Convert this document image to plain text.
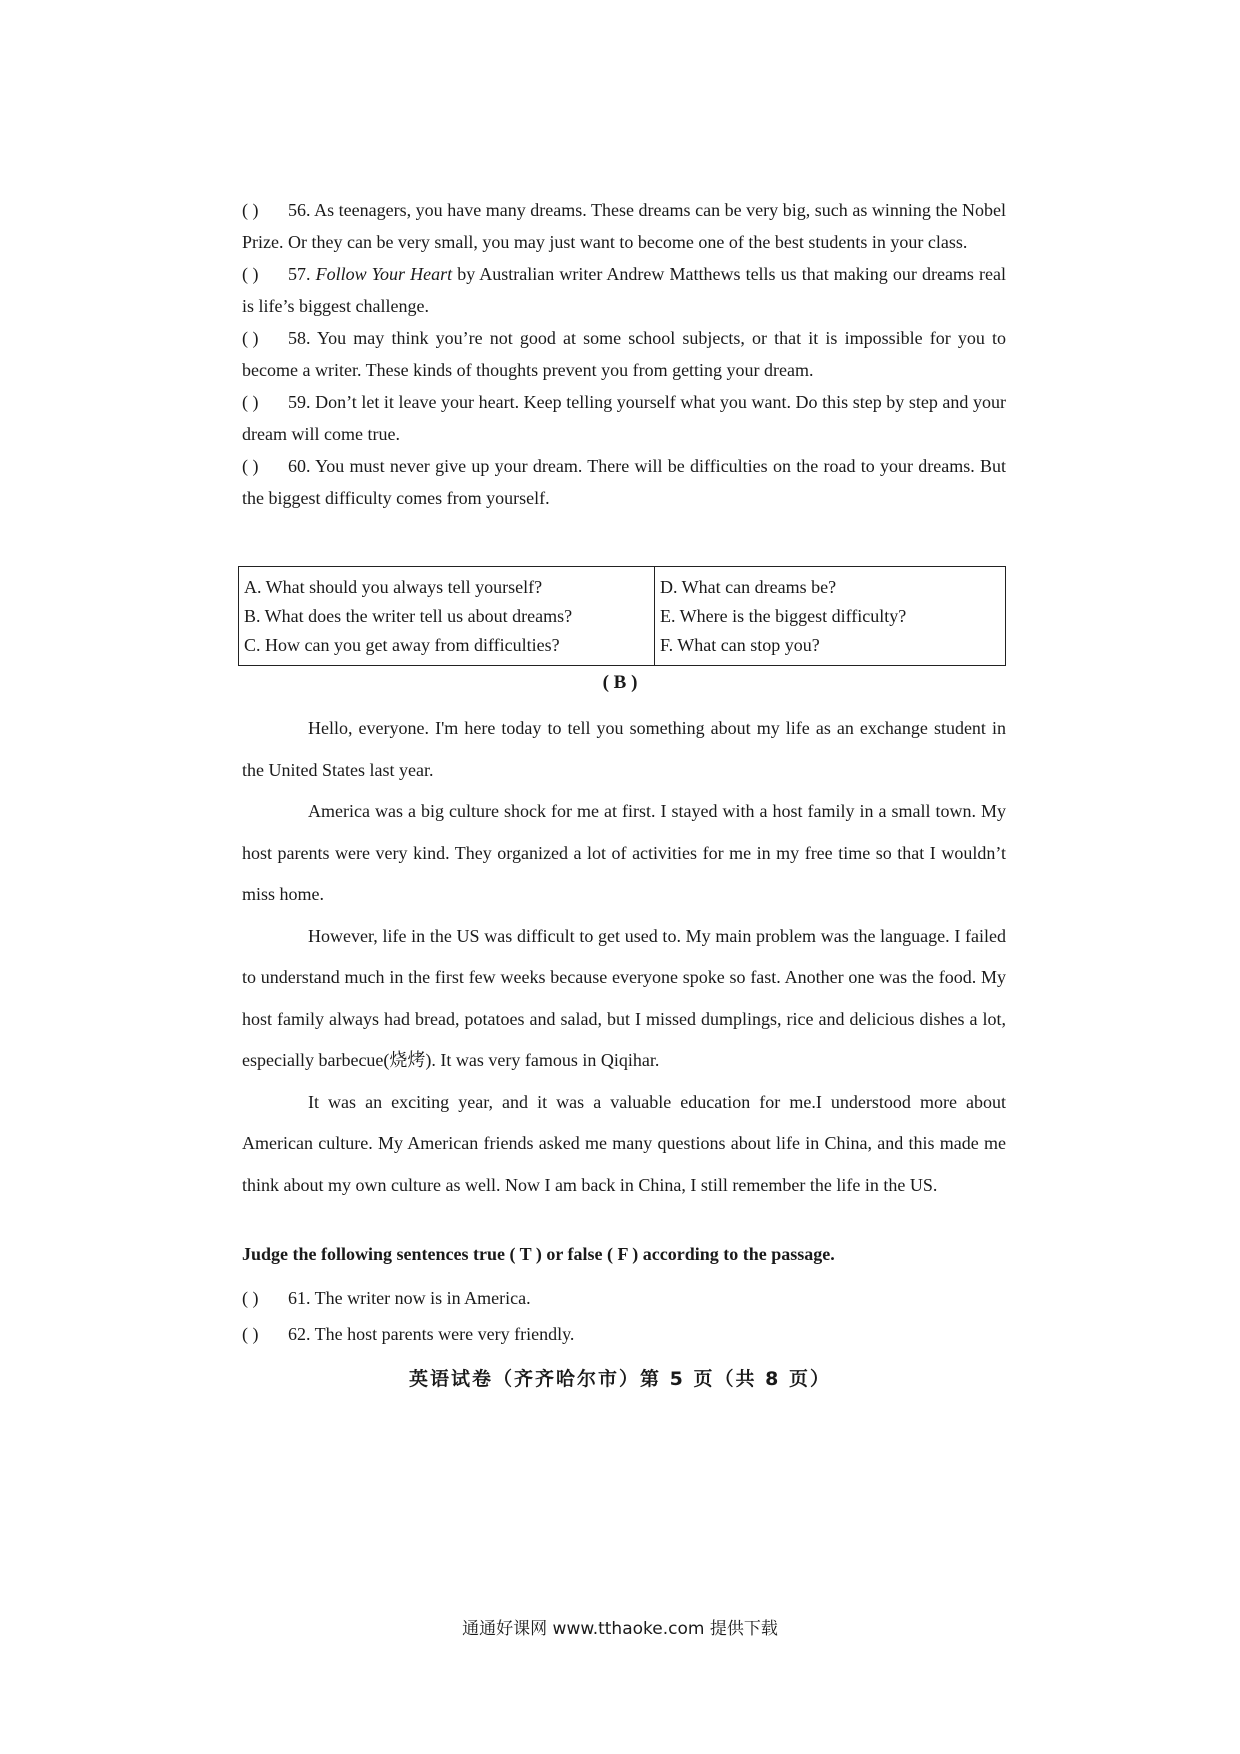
( ) 56. As teenagers, you have many dreams. These dreams can be very big, such as winning the Nobel Prize. Or they can be very small, you may just want to become one of the best students in your class.

( ) 57. Follow Your Heart by Australian writer Andrew Matthews tells us that making our dreams real is life’s biggest challenge.

( ) 58. You may think you’re not good at some school subjects, or that it is impossible for you to become a writer. These kinds of thoughts prevent you from getting your dream.

( ) 59. Don’t let it leave your heart. Keep telling yourself what you want. Do this step by step and your dream will come true.

( ) 60. You must never give up your dream. There will be difficulties on the road to your dreams. But the biggest difficulty comes from yourself.

A. What should you always tell yourself?
B. What does the writer tell us about dreams?
C. How can you get away from difficulties?

D. What can dreams be?
E. Where is the biggest difficulty?
F. What can stop you?
( B )

Hello, everyone. I'm here today to tell you something about my life as an exchange student in the United States last year.

America was a big culture shock for me at first. I stayed with a host family in a small town. My host parents were very kind. They organized a lot of activities for me in my free time so that I wouldn’t miss home.

However, life in the US was difficult to get used to. My main problem was the language. I failed to understand much in the first few weeks because everyone spoke so fast. Another one was the food. My host family always had bread, potatoes and salad, but I missed dumplings, rice and delicious dishes a lot, especially barbecue(烧烤). It was very famous in Qiqihar.

It was an exciting year, and it was a valuable education for me.I understood more about American culture. My American friends asked me many questions about life in China, and this made me think about my own culture as well. Now I am back in China, I still remember the life in the US.

Judge the following sentences true ( T ) or false ( F ) according to the passage.

( ) 61. The writer now is in America.

( ) 62. The host parents were very friendly.

英语试卷（齐齐哈尔市）第 5 页（共 8 页）
通通好课网 www.tthaoke.com 提供下载
